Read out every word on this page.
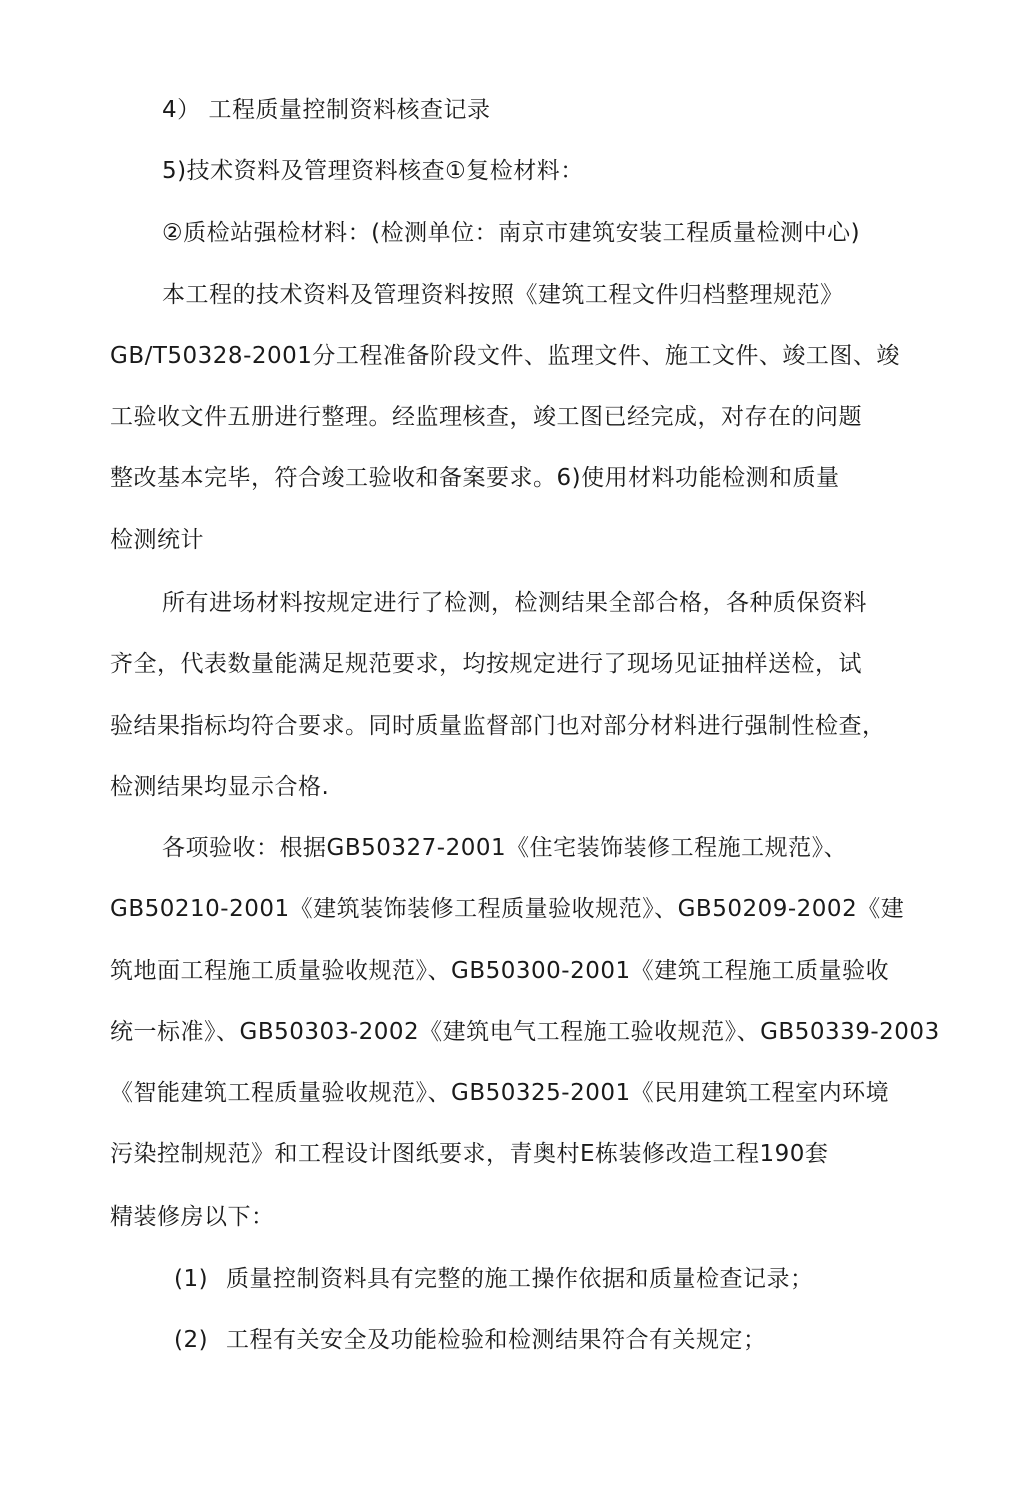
4） 工程质量控制资料核查记录
5)技术资料及管理资料核查①复检材料：
②质检站强检材料：(检测单位：南京市建筑安装工程质量检测中心)
本工程的技术资料及管理资料按照《建筑工程文件归档整理规范》
GB/T50328-2001分工程准备阶段文件、监理文件、施工文件、竣工图、竣
工验收文件五册进行整理。经监理核查，竣工图已经完成，对存在的问题
整改基本完毕，符合竣工验收和备案要求。6)使用材料功能检测和质量
检测统计
所有进场材料按规定进行了检测，检测结果全部合格，各种质保资料
齐全，代表数量能满足规范要求，均按规定进行了现场见证抽样送检，试
验结果指标均符合要求。同时质量监督部门也对部分材料进行强制性检查，
检测结果均显示合格.
各项验收：根据GB50327-2001《住宅装饰装修工程施工规范》、
GB50210-2001《建筑装饰装修工程质量验收规范》、GB50209-2002《建
筑地面工程施工质量验收规范》、GB50300-2001《建筑工程施工质量验收
统一标准》、GB50303-2002《建筑电气工程施工验收规范》、GB50339-2003
《智能建筑工程质量验收规范》、GB50325-2001《民用建筑工程室内环境
污染控制规范》和工程设计图纸要求，青奥村E栋装修改造工程190套
精装修房以下：
(1) 质量控制资料具有完整的施工操作依据和质量检查记录；
(2) 工程有关安全及功能检验和检测结果符合有关规定；
